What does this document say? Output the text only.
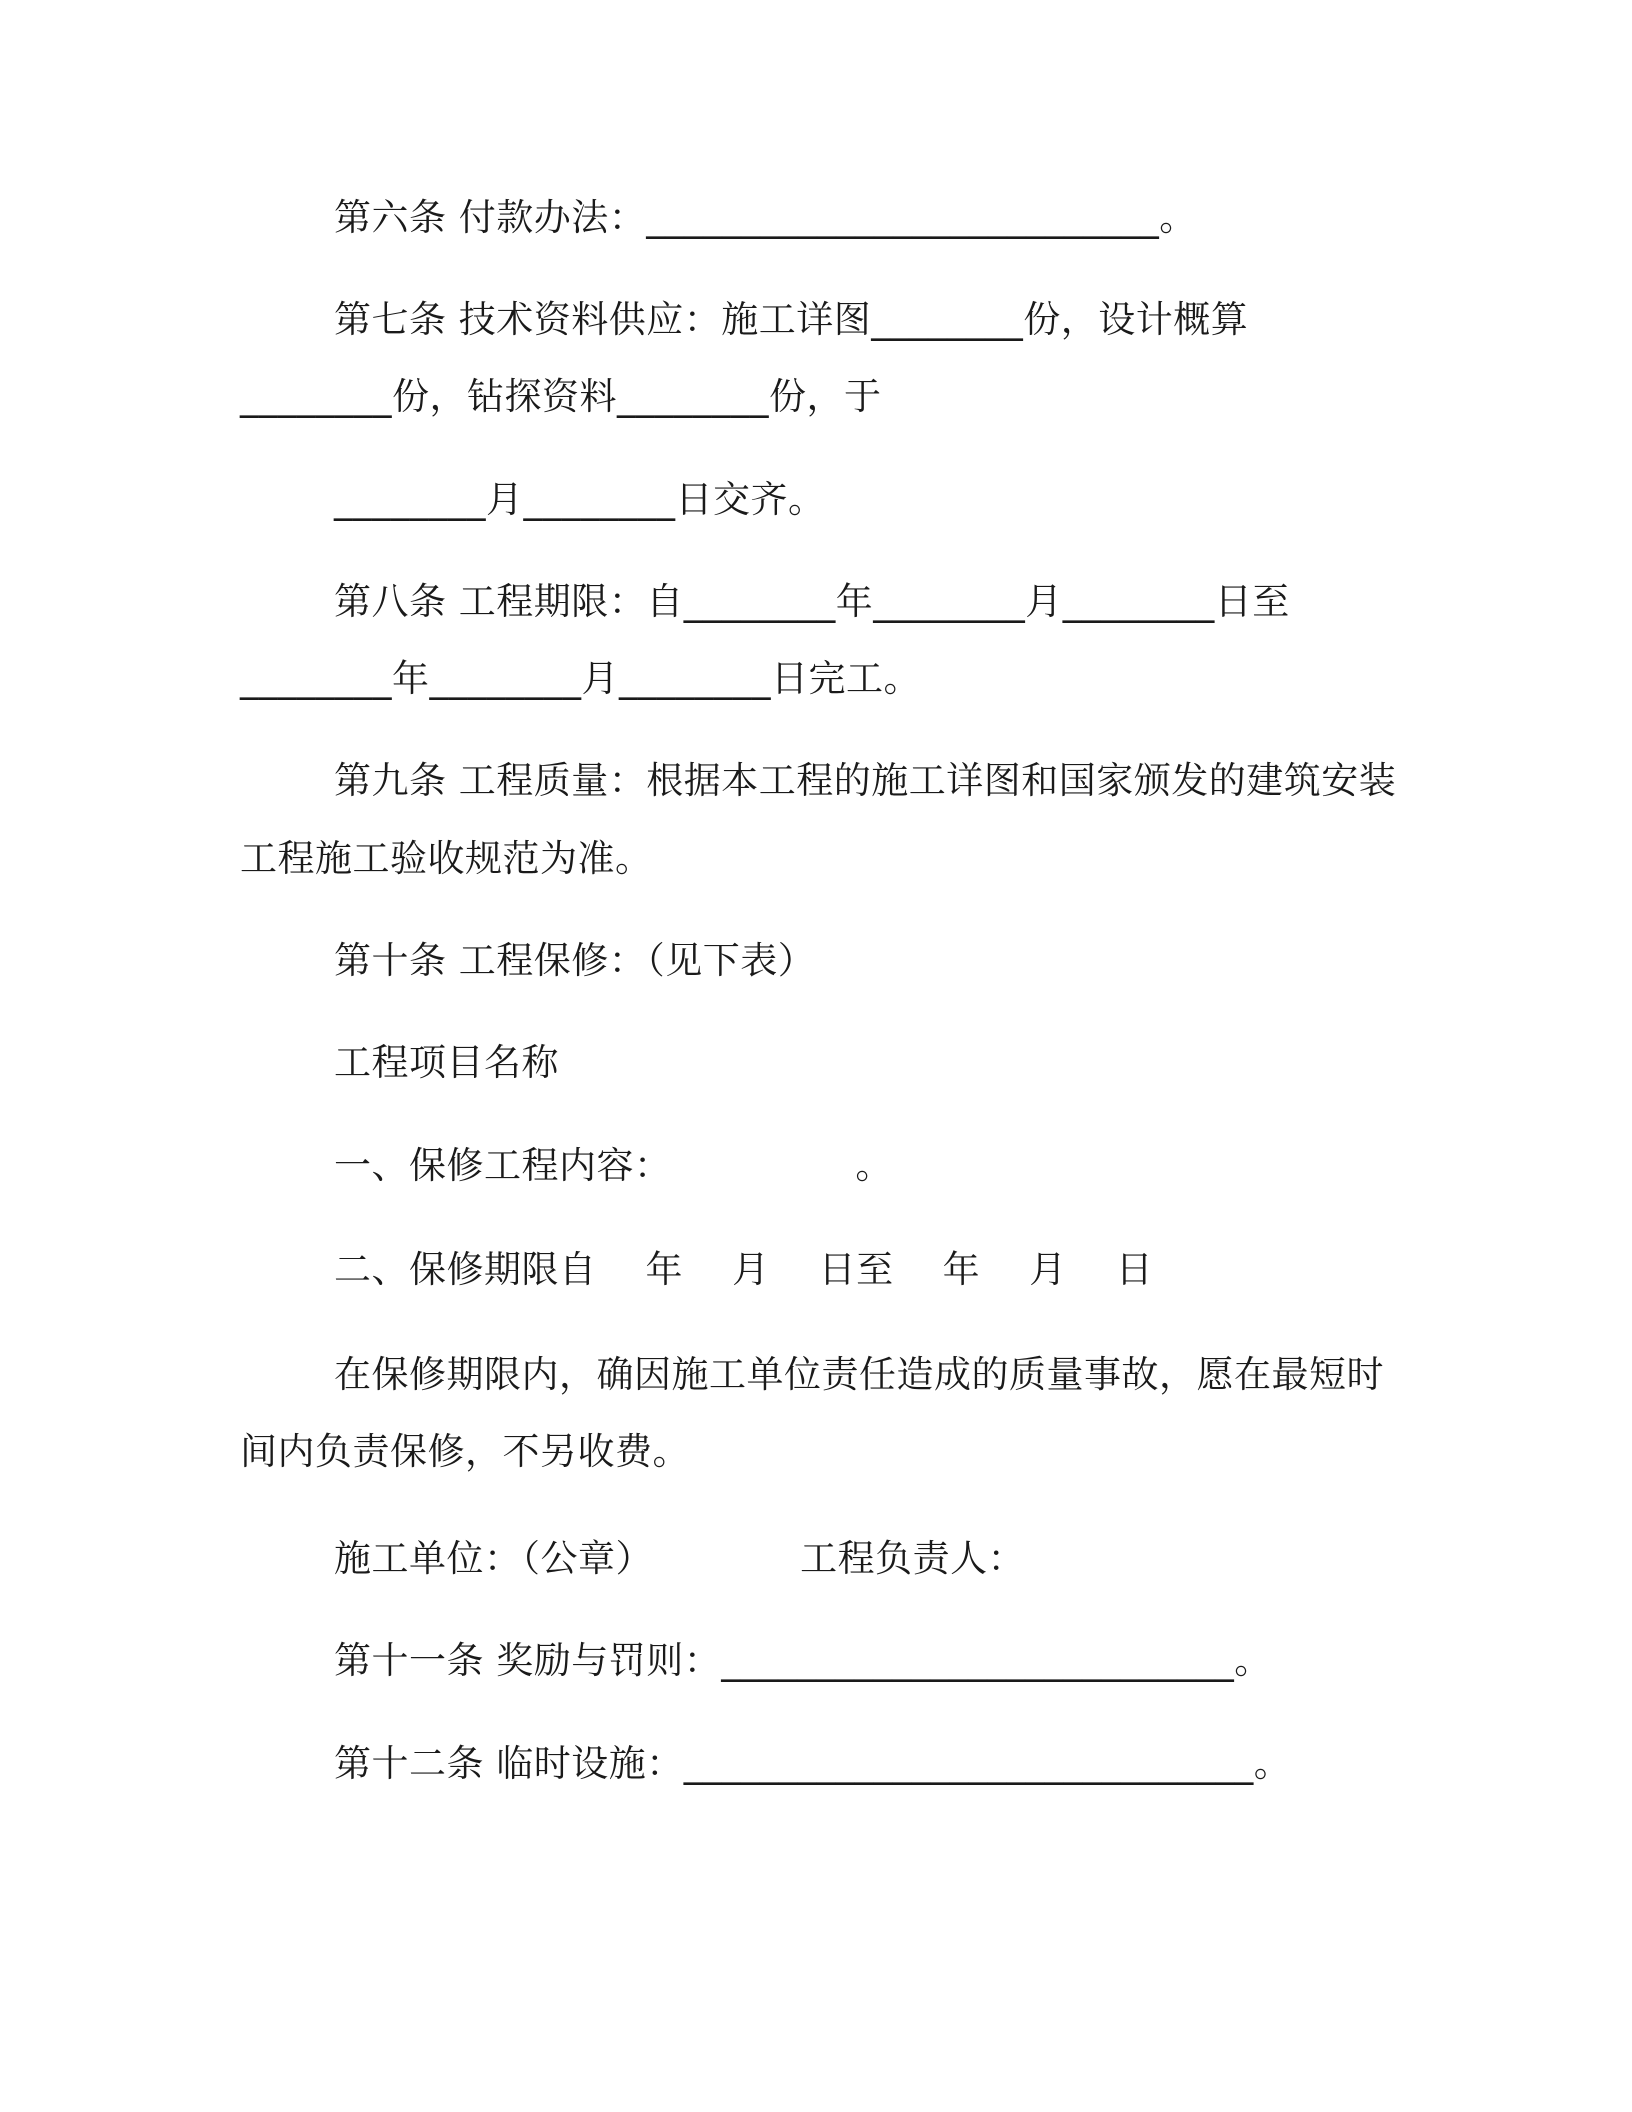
第六条 付款办法：___________________________。
第七条 技术资料供应：施工详图________份，设计概算
________份，钻探资料________份，于
________月________日交齐。
第八条 工程期限：自________年________月________日至
________年________月________日完工。
第九条 工程质量：根据本工程的施工详图和国家颁发的建筑安装
工程施工验收规范为准。
第十条 工程保修：（见下表）
工程项目名称
一、保修工程内容：               。
二、保修期限自    年    月    日至    年    月    日
在保修期限内，确因施工单位责任造成的质量事故，愿在最短时
间内负责保修，不另收费。
施工单位：（公章）            工程负责人：
第十一条 奖励与罚则：___________________________。
第十二条 临时设施：______________________________。
